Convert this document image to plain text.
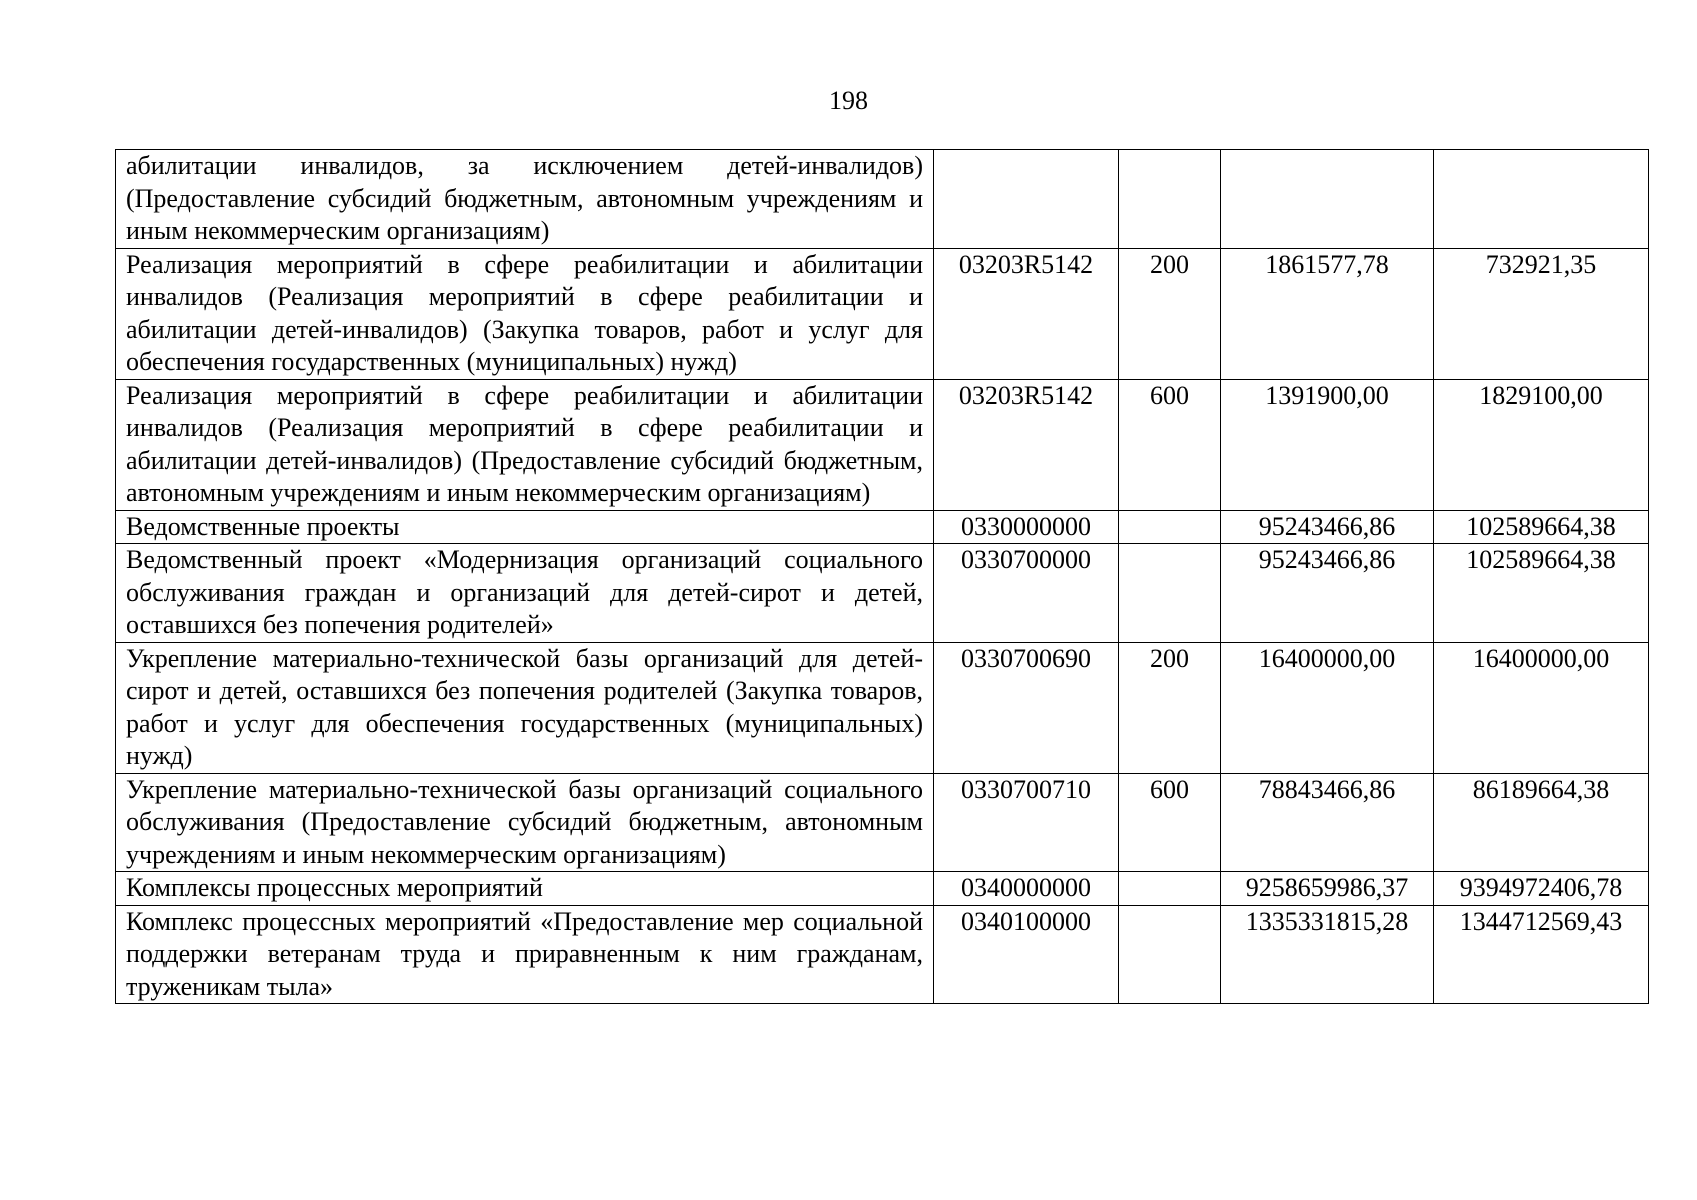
198
абилитации инвалидов, за исключением детей-инвалидов) (Предоставление субсидий бюджетным, автономным учреждениям и иным некоммерческим организациям)				
Реализация мероприятий в сфере реабилитации и абилитации инвалидов (Реализация мероприятий в сфере реабилитации и абилитации детей-инвалидов) (Закупка товаров, работ и услуг для обеспечения государственных (муниципальных) нужд)	03203R5142	200	1861577,78	732921,35
Реализация мероприятий в сфере реабилитации и абилитации инвалидов (Реализация мероприятий в сфере реабилитации и абилитации детей-инвалидов) (Предоставление субсидий бюджетным, автономным учреждениям и иным некоммерческим организациям)	03203R5142	600	1391900,00	1829100,00
Ведомственные проекты	0330000000		95243466,86	102589664,38
Ведомственный проект «Модернизация организаций социального обслуживания граждан и организаций для детей-сирот и детей, оставшихся без попечения родителей»	0330700000		95243466,86	102589664,38
Укрепление материально-технической базы организаций для детей-сирот и детей, оставшихся без попечения родителей (Закупка товаров, работ и услуг для обеспечения государственных (муниципальных) нужд)	0330700690	200	16400000,00	16400000,00
Укрепление материально-технической базы организаций социального обслуживания (Предоставление субсидий бюджетным, автономным учреждениям и иным некоммерческим организациям)	0330700710	600	78843466,86	86189664,38
Комплексы процессных мероприятий	0340000000		9258659986,37	9394972406,78
Комплекс процессных мероприятий «Предоставление мер социальной поддержки ветеранам труда и приравненным к ним гражданам, труженикам тыла»	0340100000		1335331815,28	1344712569,43
